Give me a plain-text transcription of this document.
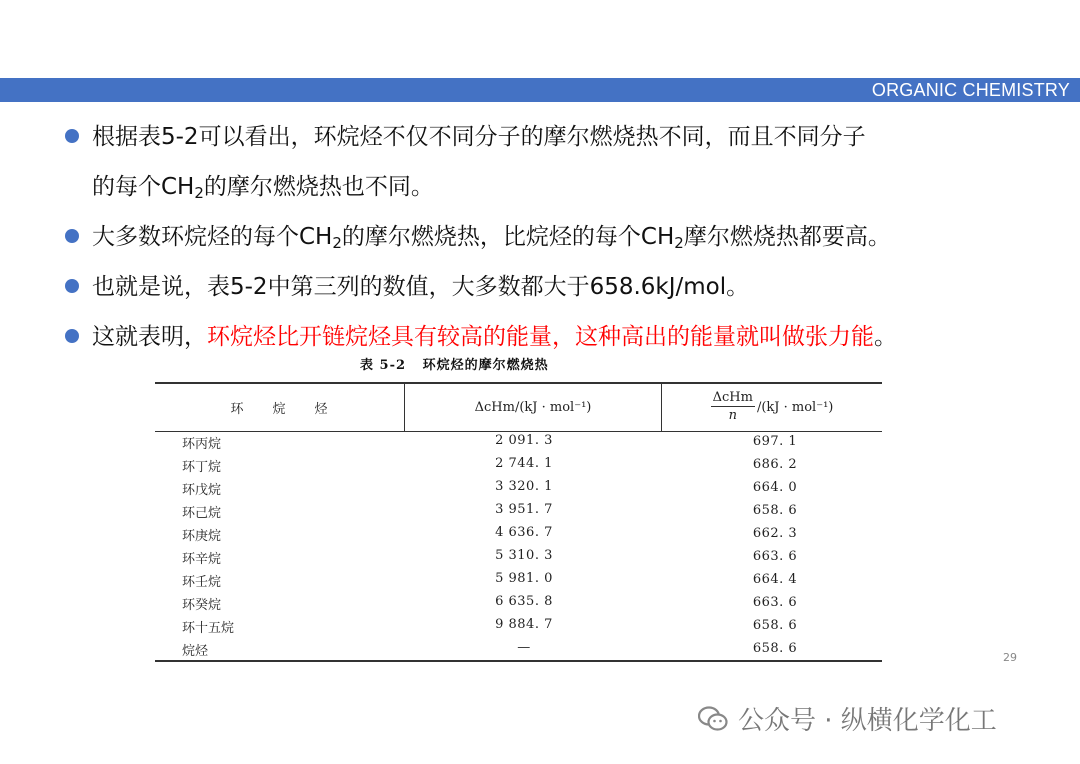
ORGANIC CHEMISTRY
根据表5-2可以看出，环烷烃不仅不同分子的摩尔燃烧热不同，而且不同分子
的每个$CH_2$的摩尔燃烧热也不同。
大多数环烷烃的每个$CH_2$的摩尔燃烧热，比烷烃的每个$CH_2$摩尔燃烧热都要高。
也就是说，表5-2中第三列的数值，大多数都大于658.6kJ/mol。
这就表明，环烷烃比开链烷烃具有较高的能量，这种高出的能量就叫做张力能。
表 5-2   环烷烃的摩尔燃烧热
环　　烷　　烃	ΔcHm/(kJ · mol⁻¹)	$\frac{\text{ΔcHm}}{n} /(kJ \cdot mol^{-1})$
环丙烷	2 091. 3	697. 1
环丁烷	2 744. 1	686. 2
环戊烷	3 320. 1	664. 0
环己烷	3 951. 7	658. 6
环庚烷	4 636. 7	662. 3
环辛烷	5 310. 3	663. 6
环壬烷	5 981. 0	664. 4
环癸烷	6 635. 8	663. 6
环十五烷	9 884. 7	658. 6
烷烃	—	658. 6
29
公众号 · 纵横化学化工
